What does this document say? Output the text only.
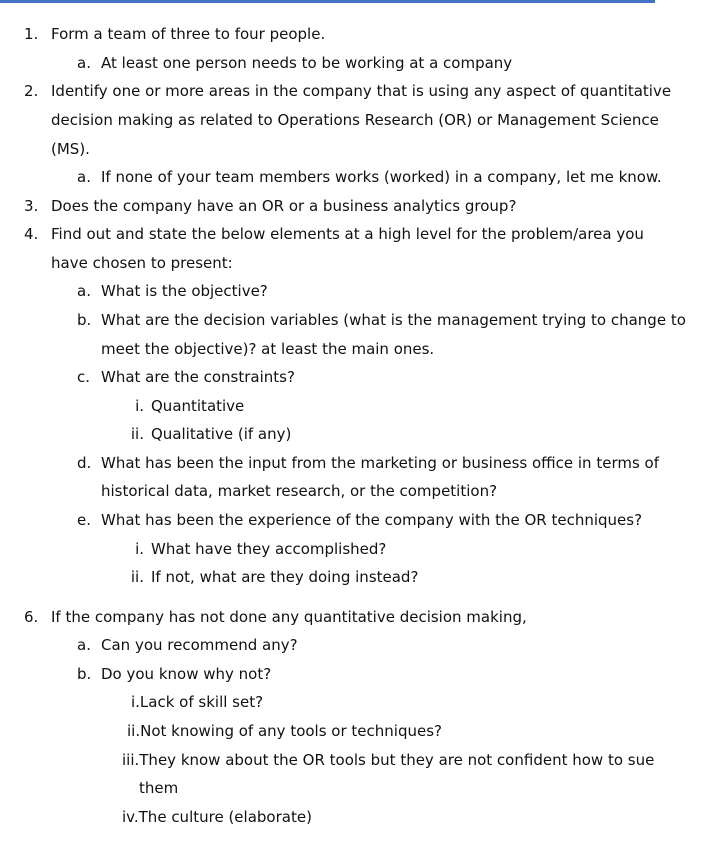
1. Form a team of three to four people.
a. At least one person needs to be working at a company
2. Identify one or more areas in the company that is using any aspect of quantitative
decision making as related to Operations Research (OR) or Management Science
(MS).
a. If none of your team members works (worked) in a company, let me know.
3. Does the company have an OR or a business analytics group?
4. Find out and state the below elements at a high level for the problem/area you
have chosen to present:
a. What is the objective?
b. What are the decision variables (what is the management trying to change to
meet the objective)? at least the main ones.
c. What are the constraints?
i. Quantitative
ii. Qualitative (if any)
d. What has been the input from the marketing or business office in terms of
historical data, market research, or the competition?
e. What has been the experience of the company with the OR techniques?
i. What have they accomplished?
ii. If not, what are they doing instead?
6. If the company has not done any quantitative decision making,
a. Can you recommend any?
b. Do you know why not?
i.Lack of skill set?
ii.Not knowing of any tools or techniques?
iii.They know about the OR tools but they are not confident how to sue
them
iv.The culture (elaborate)
